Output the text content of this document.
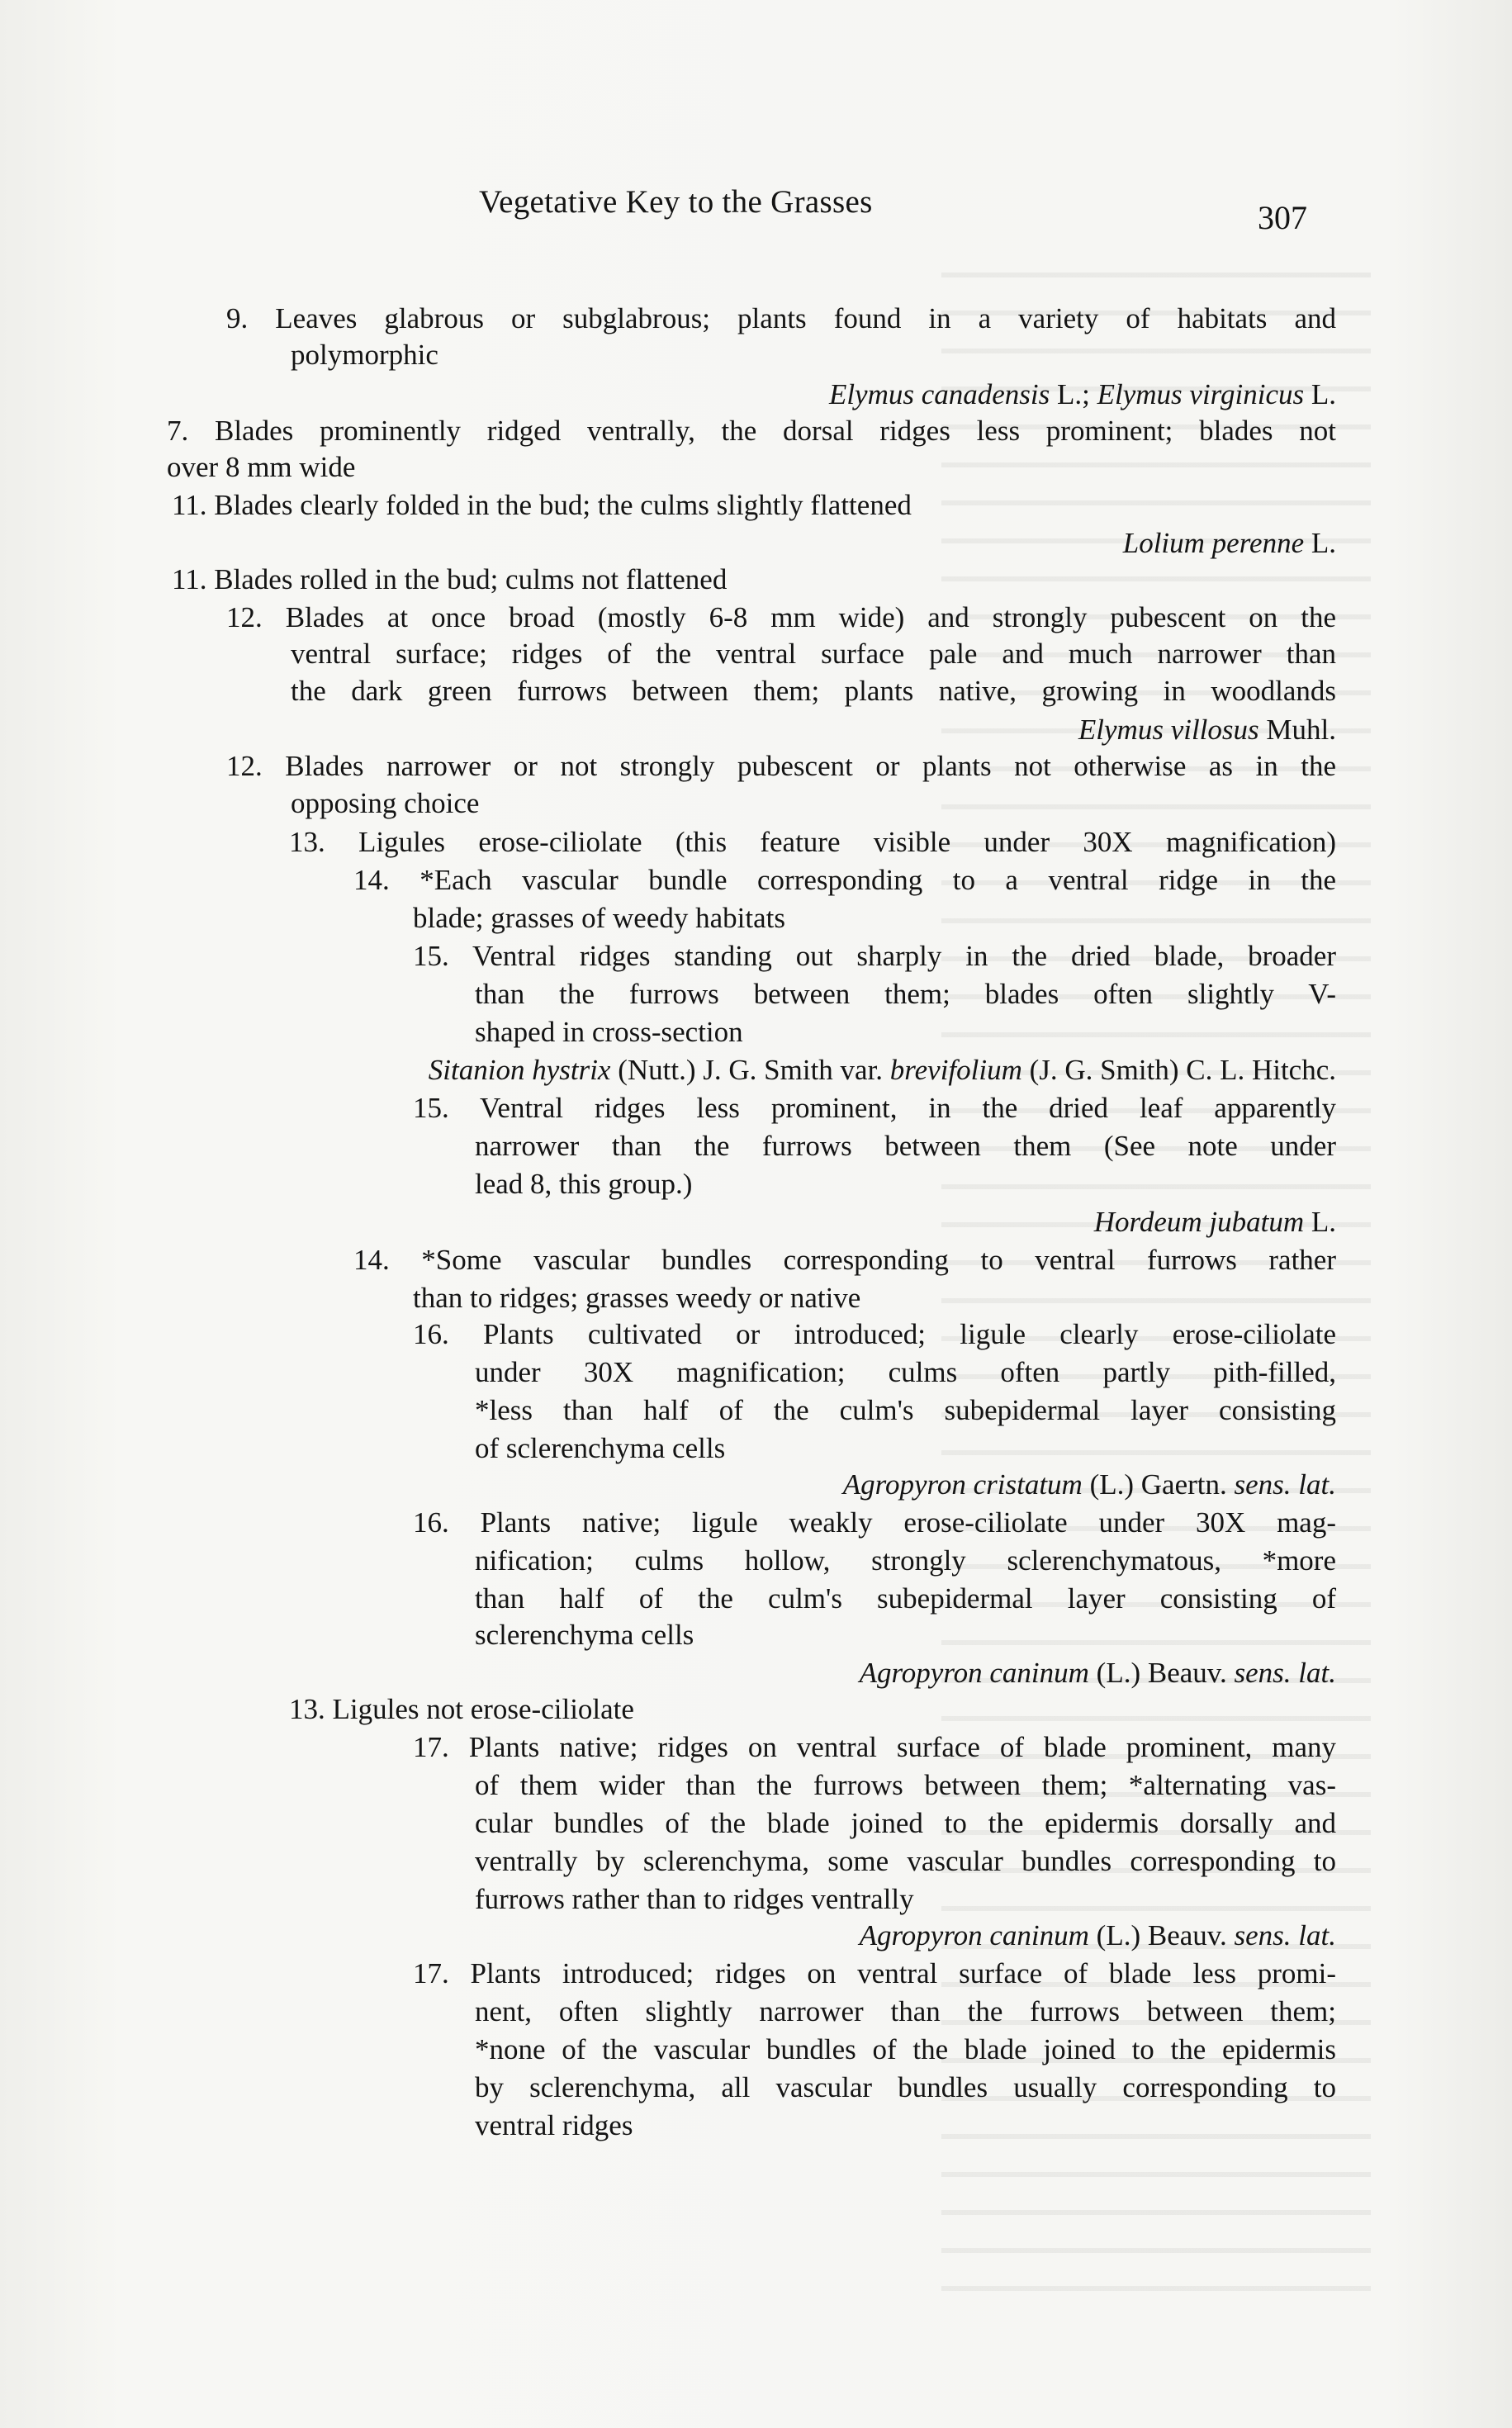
Vegetative Key to the Grasses	307
9. Leaves glabrous or subglabrous; plants found in a variety of habitats and
polymorphic
Elymus canadensis L.; Elymus virginicus L.
7. Blades prominently ridged ventrally, the dorsal ridges less prominent; blades not
over 8 mm wide
11. Blades clearly folded in the bud; the culms slightly flattened
Lolium perenne L.
11. Blades rolled in the bud; culms not flattened
12. Blades at once broad (mostly 6-8 mm wide) and strongly pubescent on the
ventral surface; ridges of the ventral surface pale and much narrower than
the dark green furrows between them; plants native, growing in woodlands
Elymus villosus Muhl.
12. Blades narrower or not strongly pubescent or plants not otherwise as in the
opposing choice
13. Ligules erose-ciliolate (this feature visible under 30X magnification)
14. *Each vascular bundle corresponding to a ventral ridge in the
blade; grasses of weedy habitats
15. Ventral ridges standing out sharply in the dried blade, broader
than the furrows between them; blades often slightly V-
shaped in cross-section
Sitanion hystrix (Nutt.) J. G. Smith var. brevifolium (J. G. Smith) C. L. Hitchc.
15. Ventral ridges less prominent, in the dried leaf apparently
narrower than the furrows between them (See note under
lead 8, this group.)
Hordeum jubatum L.
14. *Some vascular bundles corresponding to ventral furrows rather
than to ridges; grasses weedy or native
16. Plants cultivated or introduced; ligule clearly erose-ciliolate
under 30X magnification; culms often partly pith-filled,
*less than half of the culm's subepidermal layer consisting
of sclerenchyma cells
Agropyron cristatum (L.) Gaertn. sens. lat.
16. Plants native; ligule weakly erose-ciliolate under 30X mag-
nification; culms hollow, strongly sclerenchymatous, *more
than half of the culm's subepidermal layer consisting of
sclerenchyma cells
Agropyron caninum (L.) Beauv. sens. lat.
13. Ligules not erose-ciliolate
17. Plants native; ridges on ventral surface of blade prominent, many
of them wider than the furrows between them; *alternating vas-
cular bundles of the blade joined to the epidermis dorsally and
ventrally by sclerenchyma, some vascular bundles corresponding to
furrows rather than to ridges ventrally
Agropyron caninum (L.) Beauv. sens. lat.
17. Plants introduced; ridges on ventral surface of blade less promi-
nent, often slightly narrower than the furrows between them;
*none of the vascular bundles of the blade joined to the epidermis
by sclerenchyma, all vascular bundles usually corresponding to
ventral ridges
